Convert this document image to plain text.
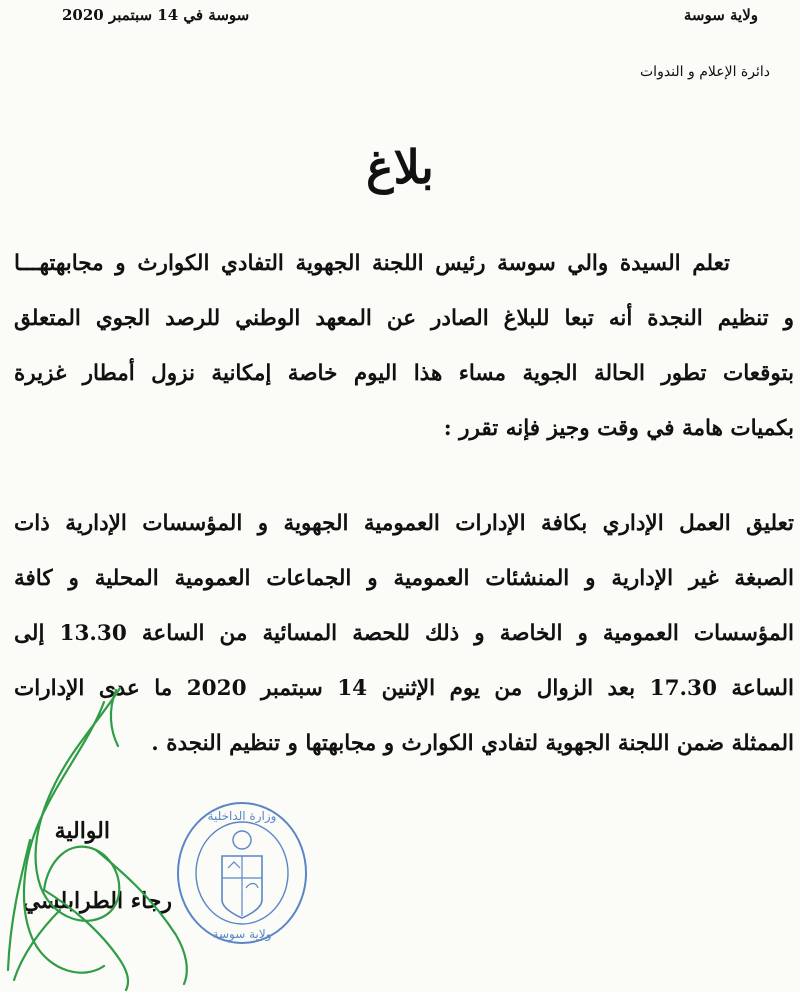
ولاية سوسة
سوسة في 14 سبتمبر 2020
دائرة الإعلام و الندوات
بلاغ
تعلم السيدة والي سوسة رئيس اللجنة الجهوية التفادي الكوارث و مجابهتهـــا
و تنظيم النجدة أنه تبعا للبلاغ الصادر عن المعهد الوطني للرصد الجوي المتعلق
بتوقعات تطور الحالة الجوية مساء هذا اليوم خاصة إمكانية نزول أمطار غزيرة
بكميات هامة في وقت وجيز فإنه تقرر :
تعليق العمل الإداري بكافة الإدارات العمومية الجهوية و المؤسسات الإدارية ذات
الصبغة غير الإدارية و المنشئات العمومية و الجماعات العمومية المحلية و كافة
المؤسسات العمومية و الخاصة و ذلك للحصة المسائية من الساعة 13.30 إلى
الساعة 17.30 بعد الزوال من يوم الإثنين 14 سبتمبر 2020 ما عدى الإدارات
الممثلة ضمن اللجنة الجهوية لتفادي الكوارث و مجابهتها و تنظيم النجدة .
الوالية
رجاء الطرابلسي
وزارة الداخلية
ولاية سوسة
